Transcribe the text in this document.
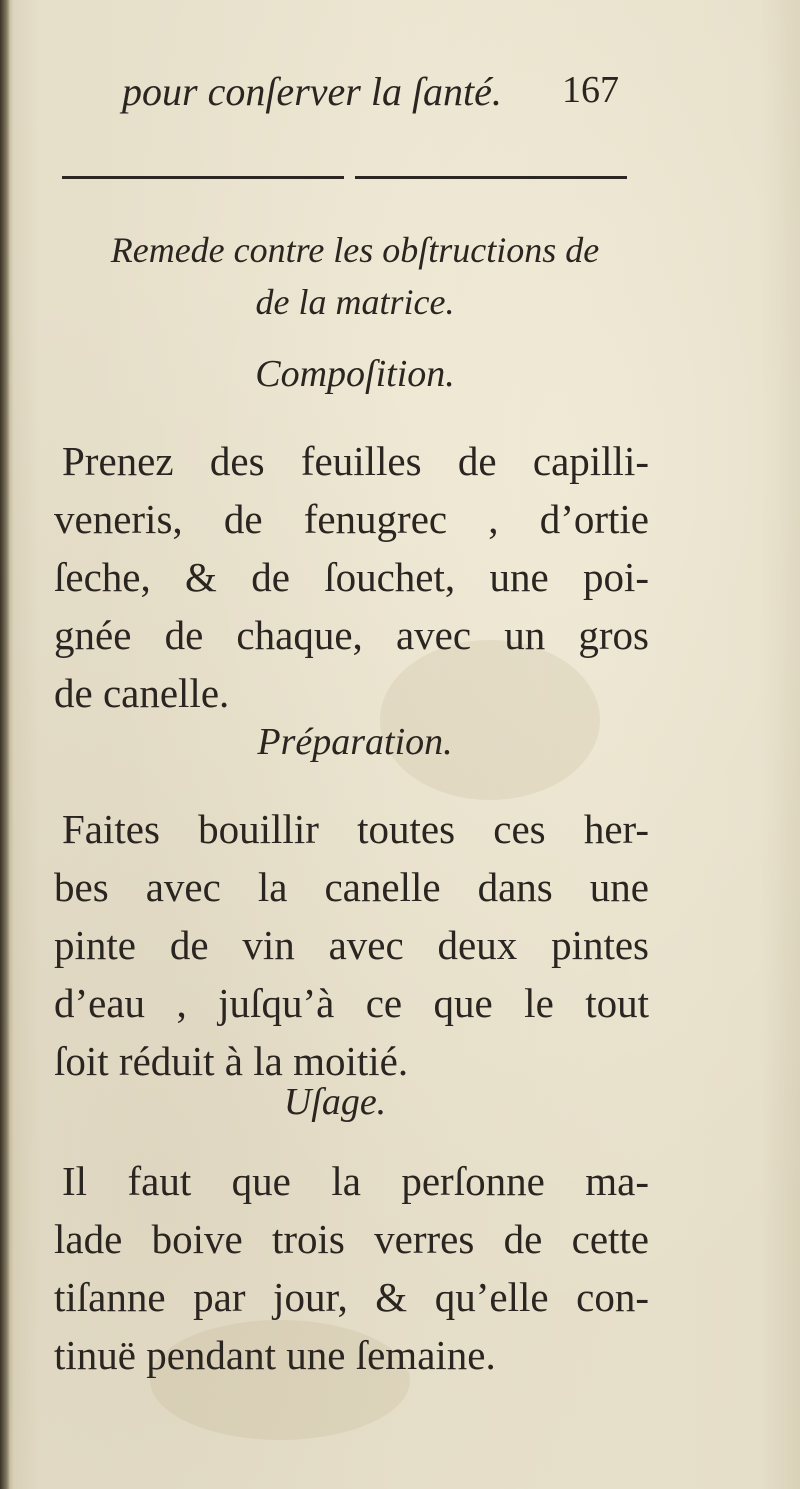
pour conſerver la ſanté. 167
Remede contre les obſtructions de
de la matrice.
Compoſition.
Prenez des feuilles de capilli-
veneris, de fenugrec , d’ortie
ſeche, & de ſouchet, une poi-
gnée de chaque, avec un gros
de canelle.
Préparation.
Faites bouillir toutes ces her-
bes avec la canelle dans une
pinte de vin avec deux pintes
d’eau , juſqu’à ce que le tout
ſoit réduit à la moitié.
Uſage.
Il faut que la perſonne ma-
lade boive trois verres de cette
tiſanne par jour, & qu’elle con-
tinuë pendant une ſemaine.
